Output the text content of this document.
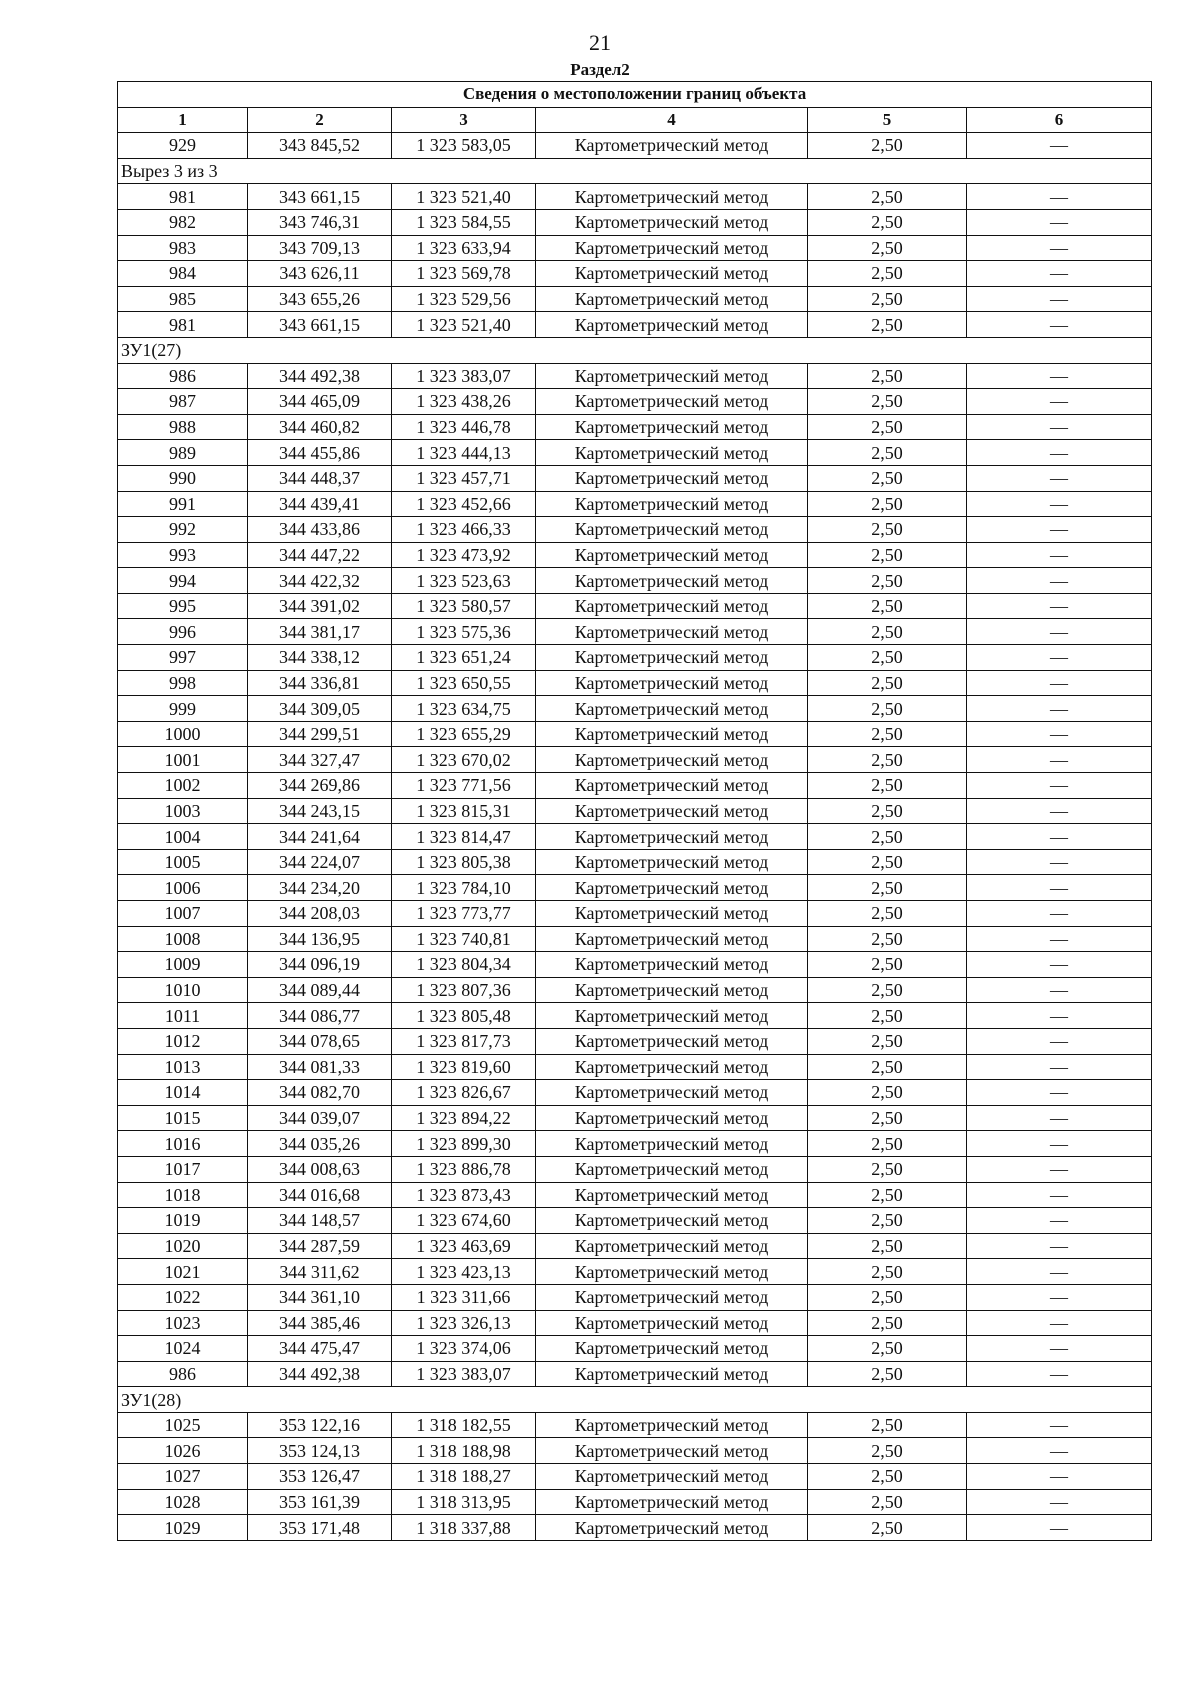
21
Раздел2
Сведения о местоположении границ объекта					
1	2	3	4	5	6
929	343 845,52	1 323 583,05	Картометрический метод	2,50	—
Вырез 3 из 3					
981	343 661,15	1 323 521,40	Картометрический метод	2,50	—
982	343 746,31	1 323 584,55	Картометрический метод	2,50	—
983	343 709,13	1 323 633,94	Картометрический метод	2,50	—
984	343 626,11	1 323 569,78	Картометрический метод	2,50	—
985	343 655,26	1 323 529,56	Картометрический метод	2,50	—
981	343 661,15	1 323 521,40	Картометрический метод	2,50	—
ЗУ1(27)					
986	344 492,38	1 323 383,07	Картометрический метод	2,50	—
987	344 465,09	1 323 438,26	Картометрический метод	2,50	—
988	344 460,82	1 323 446,78	Картометрический метод	2,50	—
989	344 455,86	1 323 444,13	Картометрический метод	2,50	—
990	344 448,37	1 323 457,71	Картометрический метод	2,50	—
991	344 439,41	1 323 452,66	Картометрический метод	2,50	—
992	344 433,86	1 323 466,33	Картометрический метод	2,50	—
993	344 447,22	1 323 473,92	Картометрический метод	2,50	—
994	344 422,32	1 323 523,63	Картометрический метод	2,50	—
995	344 391,02	1 323 580,57	Картометрический метод	2,50	—
996	344 381,17	1 323 575,36	Картометрический метод	2,50	—
997	344 338,12	1 323 651,24	Картометрический метод	2,50	—
998	344 336,81	1 323 650,55	Картометрический метод	2,50	—
999	344 309,05	1 323 634,75	Картометрический метод	2,50	—
1000	344 299,51	1 323 655,29	Картометрический метод	2,50	—
1001	344 327,47	1 323 670,02	Картометрический метод	2,50	—
1002	344 269,86	1 323 771,56	Картометрический метод	2,50	—
1003	344 243,15	1 323 815,31	Картометрический метод	2,50	—
1004	344 241,64	1 323 814,47	Картометрический метод	2,50	—
1005	344 224,07	1 323 805,38	Картометрический метод	2,50	—
1006	344 234,20	1 323 784,10	Картометрический метод	2,50	—
1007	344 208,03	1 323 773,77	Картометрический метод	2,50	—
1008	344 136,95	1 323 740,81	Картометрический метод	2,50	—
1009	344 096,19	1 323 804,34	Картометрический метод	2,50	—
1010	344 089,44	1 323 807,36	Картометрический метод	2,50	—
1011	344 086,77	1 323 805,48	Картометрический метод	2,50	—
1012	344 078,65	1 323 817,73	Картометрический метод	2,50	—
1013	344 081,33	1 323 819,60	Картометрический метод	2,50	—
1014	344 082,70	1 323 826,67	Картометрический метод	2,50	—
1015	344 039,07	1 323 894,22	Картометрический метод	2,50	—
1016	344 035,26	1 323 899,30	Картометрический метод	2,50	—
1017	344 008,63	1 323 886,78	Картометрический метод	2,50	—
1018	344 016,68	1 323 873,43	Картометрический метод	2,50	—
1019	344 148,57	1 323 674,60	Картометрический метод	2,50	—
1020	344 287,59	1 323 463,69	Картометрический метод	2,50	—
1021	344 311,62	1 323 423,13	Картометрический метод	2,50	—
1022	344 361,10	1 323 311,66	Картометрический метод	2,50	—
1023	344 385,46	1 323 326,13	Картометрический метод	2,50	—
1024	344 475,47	1 323 374,06	Картометрический метод	2,50	—
986	344 492,38	1 323 383,07	Картометрический метод	2,50	—
ЗУ1(28)					
1025	353 122,16	1 318 182,55	Картометрический метод	2,50	—
1026	353 124,13	1 318 188,98	Картометрический метод	2,50	—
1027	353 126,47	1 318 188,27	Картометрический метод	2,50	—
1028	353 161,39	1 318 313,95	Картометрический метод	2,50	—
1029	353 171,48	1 318 337,88	Картометрический метод	2,50	—
